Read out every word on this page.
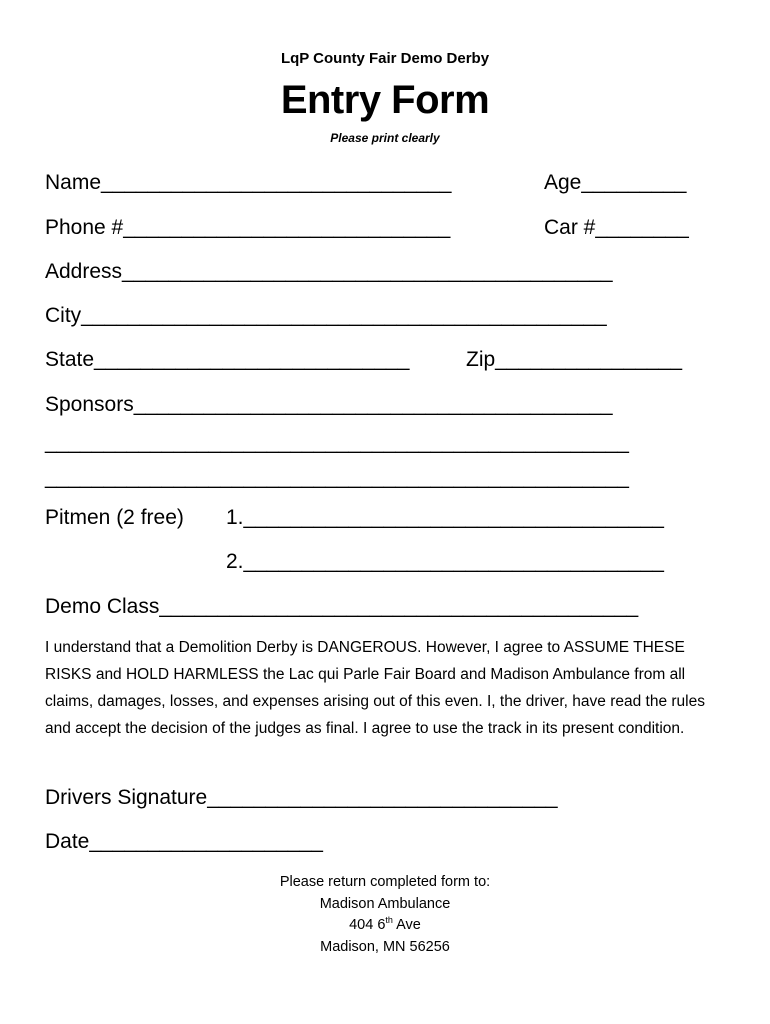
LqP County Fair Demo Derby
Entry Form
Please print clearly
Name______________________________	Age_________
Phone #____________________________	Car #________
Address__________________________________________
City_____________________________________________
State___________________________	Zip________________
Sponsors_________________________________________
__________________________________________________
__________________________________________________
Pitmen (2 free) 1.____________________________________
2.____________________________________
Demo Class_________________________________________
I understand that a Demolition Derby is DANGEROUS. However, I agree to ASSUME THESE RISKS and HOLD HARMLESS the Lac qui Parle Fair Board and Madison Ambulance from all claims, damages, losses, and expenses arising out of this even. I, the driver, have read the rules and accept the decision of the judges as final. I agree to use the track in its present condition.
Drivers Signature______________________________
Date____________________
Please return completed form to:
Madison Ambulance
404 6th Ave
Madison, MN 56256
